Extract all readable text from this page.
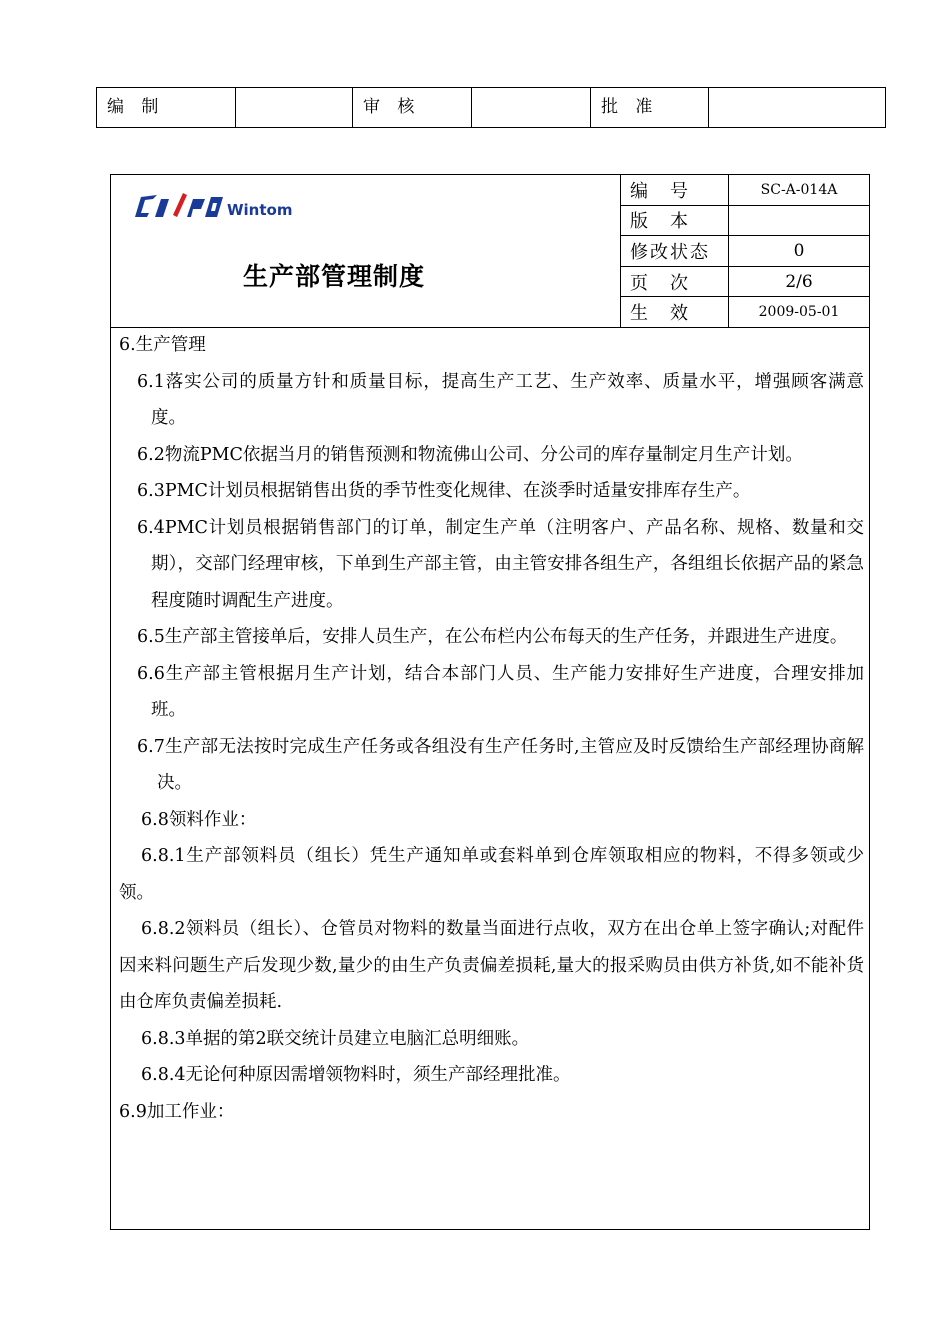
编 制		审 核		批 准	
Wintom
生产部管理制度
编　号	SC-A-014A
版　本	
修改状态	0
页　次	2/6
生　效	2009-05-01

6.生产管理

6.1落实公司的质量方针和质量目标，提高生产工艺、生产效率、质量水平，增强顾客满意度。

6.2物流PMC依据当月的销售预测和物流佛山公司、分公司的库存量制定月生产计划。

6.3PMC计划员根据销售出货的季节性变化规律、在淡季时适量安排库存生产。

6.4PMC计划员根据销售部门的订单，制定生产单（注明客户、产品名称、规格、数量和交期），交部门经理审核，下单到生产部主管，由主管安排各组生产，各组组长依据产品的紧急程度随时调配生产进度。

6.5生产部主管接单后，安排人员生产，在公布栏内公布每天的生产任务，并跟进生产进度。

6.6生产部主管根据月生产计划，结合本部门人员、生产能力安排好生产进度，合理安排加班。

6.7生产部无法按时完成生产任务或各组没有生产任务时,主管应及时反馈给生产部经理协商解决。

6.8领料作业：

6.8.1生产部领料员（组长）凭生产通知单或套料单到仓库领取相应的物料，不得多领或少领。

6.8.2领料员（组长）、仓管员对物料的数量当面进行点收，双方在出仓单上签字确认;对配件因来料问题生产后发现少数,量少的由生产负责偏差损耗,量大的报采购员由供方补货,如不能补货由仓库负责偏差损耗.

6.8.3单据的第2联交统计员建立电脑汇总明细账。

6.8.4无论何种原因需增领物料时，须生产部经理批准。

6.9加工作业：
